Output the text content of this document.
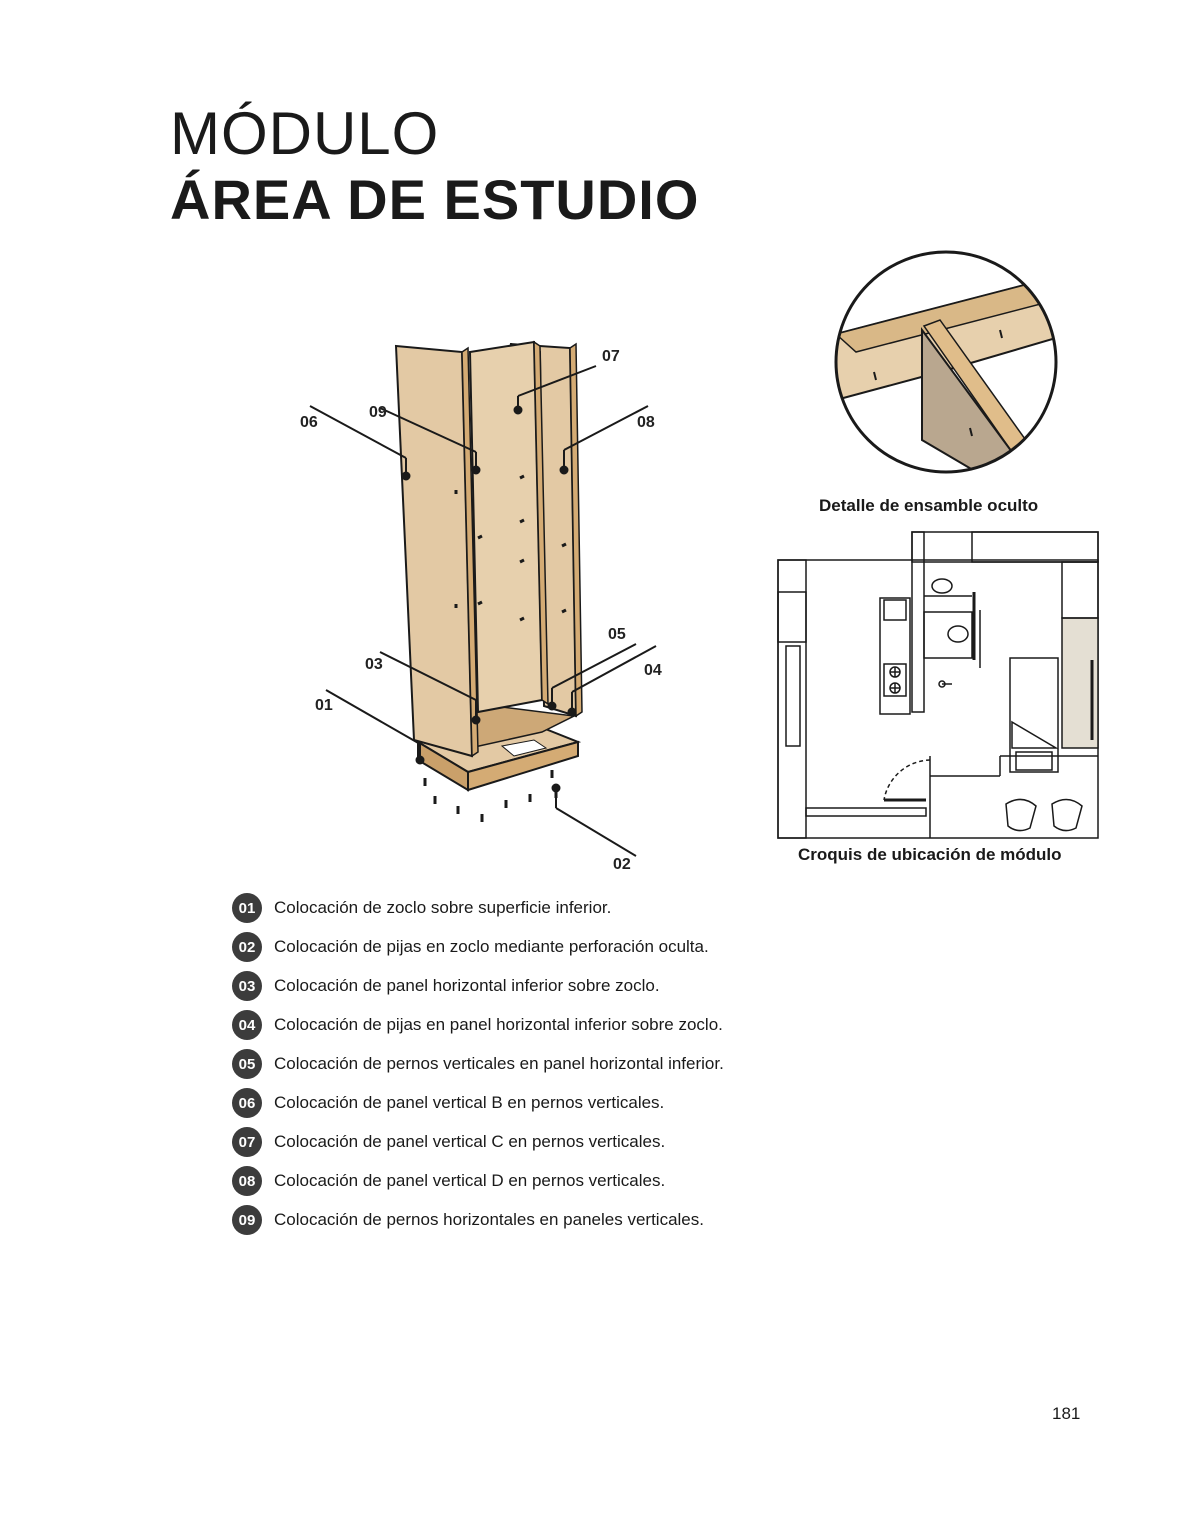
MÓDULO
ÁREA DE ESTUDIO
07
06
09
08
05
03	04
01
02
Detalle de ensamble oculto
Croquis de ubicación de módulo
01	Colocación de zoclo sobre superficie inferior.
02	Colocación de pijas en zoclo mediante perforación oculta.
03	Colocación de panel horizontal inferior sobre zoclo.
04	Colocación de pijas en panel horizontal inferior sobre zoclo.
05	Colocación de pernos verticales en panel horizontal inferior.
06	Colocación de panel vertical B en pernos verticales.
07	Colocación de panel vertical C en pernos verticales.
08	Colocación de panel vertical D en pernos verticales.
09	Colocación de pernos horizontales en paneles verticales.
181
